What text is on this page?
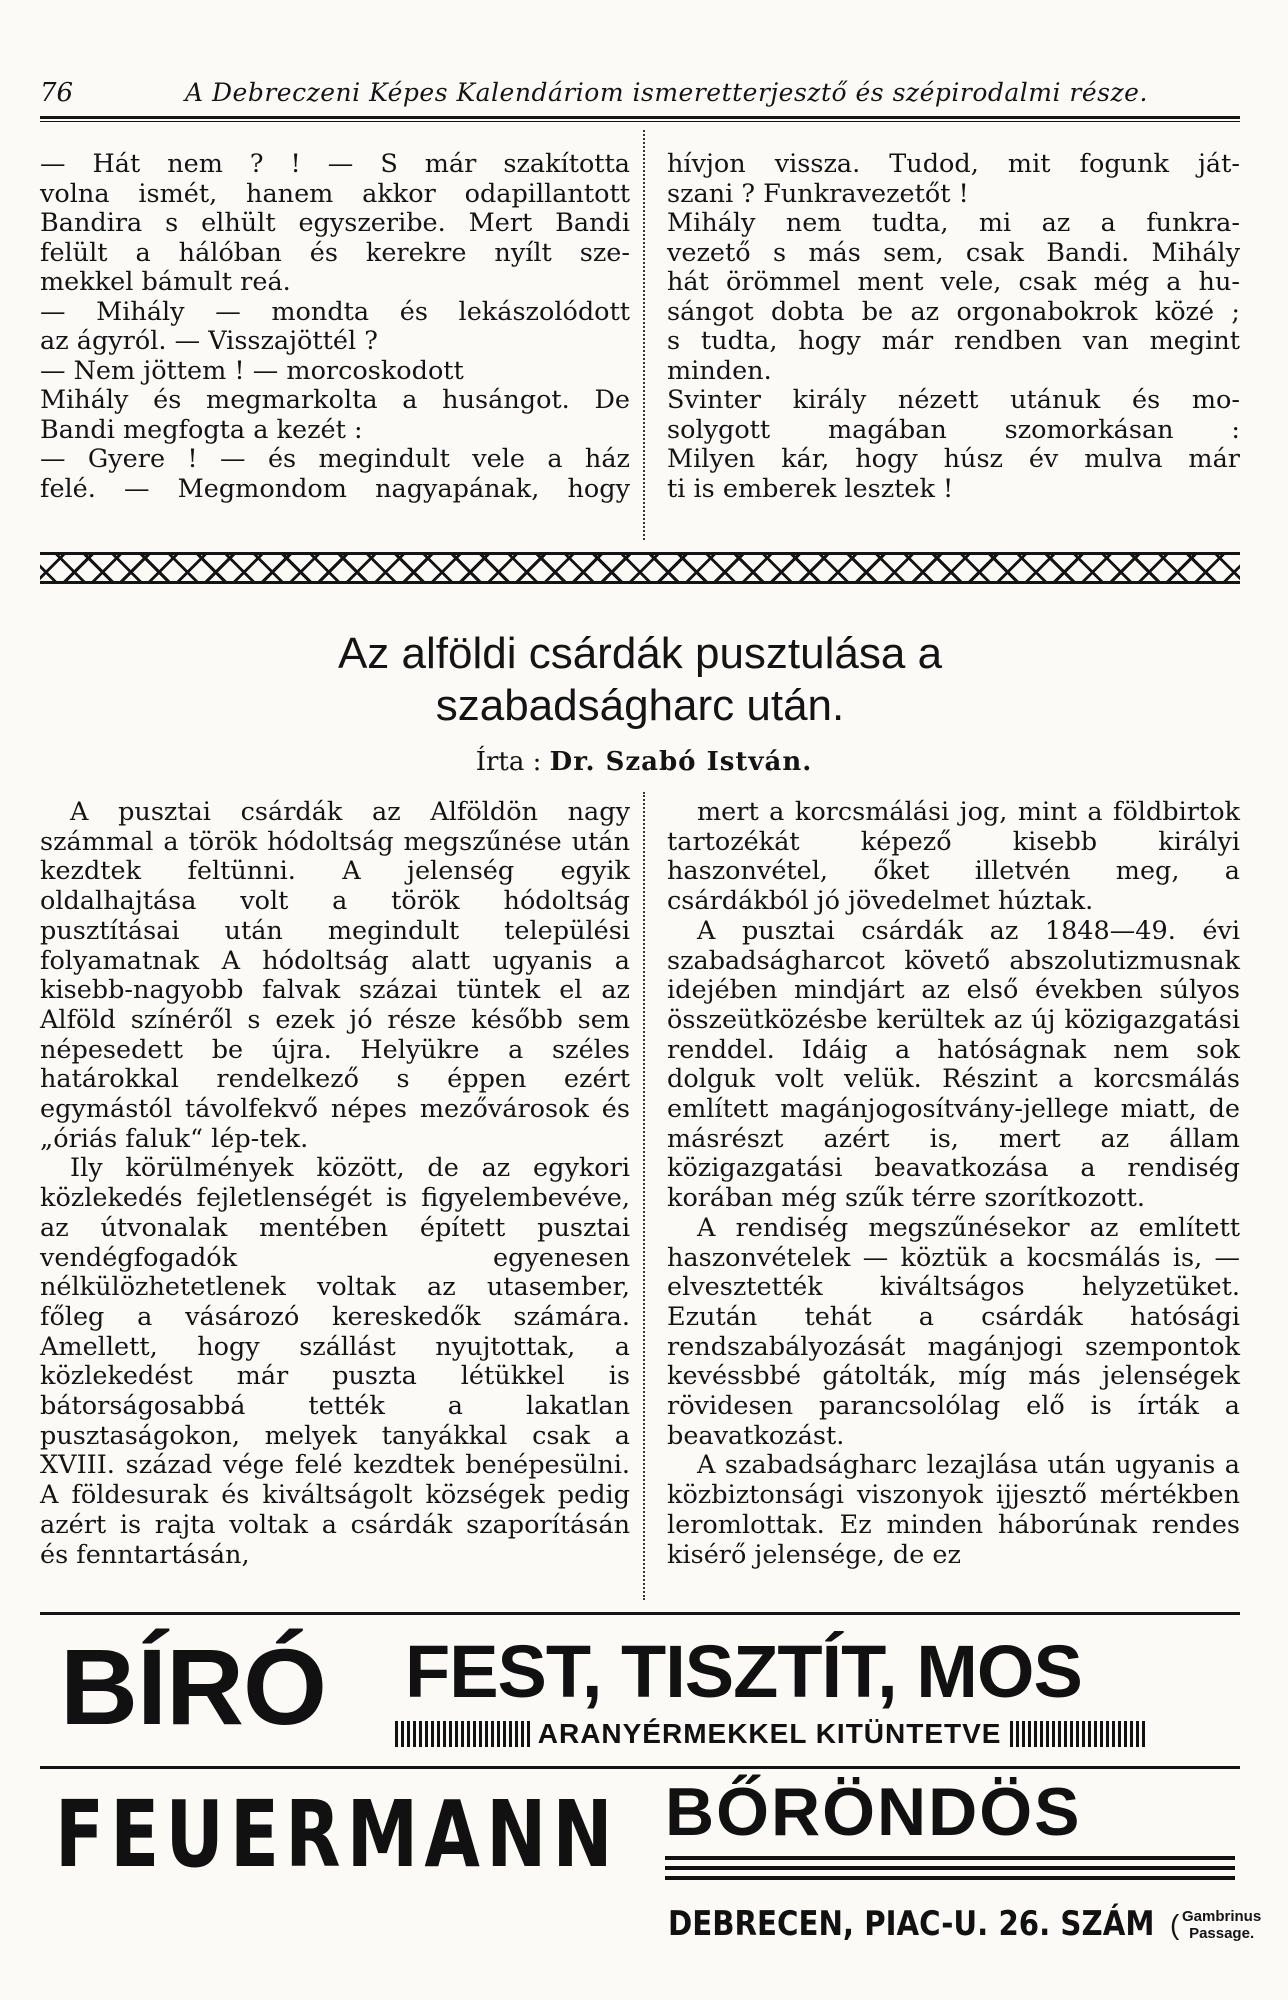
76	A Debreczeni Képes Kalendáriom ismeretterjesztő és szépirodalmi része.

— Hát nem ? ! — S már szakította

volna ismét, hanem akkor odapillantott

Bandira s elhült egyszeribe. Mert Bandi

felült a hálóban és kerekre nyílt sze-

mekkel bámult reá.

— Mihály — mondta és lekászolódott

az ágyról. — Visszajöttél ?

— Nem jöttem ! — morcoskodott

Mihály és megmarkolta a husángot. De

Bandi megfogta a kezét :

— Gyere ! — és megindult vele a ház

felé. — Megmondom nagyapának, hogy

hívjon vissza. Tudod, mit fogunk ját-

szani ? Funkravezetőt !

Mihály nem tudta, mi az a funkra-

vezető s más sem, csak Bandi. Mihály

hát örömmel ment vele, csak még a hu-

sángot dobta be az orgonabokrok közé ;

s tudta, hogy már rendben van megint

minden.

Svinter király nézett utánuk és mo-

solygott magában szomorkásan :

Milyen kár, hogy húsz év mulva már

ti is emberek lesztek !

Az alföldi csárdák pusztulása a
szabadságharc után.
Írta : Dr. Szabó István.

A pusztai csárdák az Alföldön nagy számmal a török hódoltság megszűnése után kezdtek feltünni. A jelenség egyik oldalhajtása volt a török hódoltság pusztításai után megindult települési folyamatnak A hódoltság alatt ugyanis a kisebb-nagyobb falvak százai tüntek el az Alföld színéről s ezek jó része később sem népesedett be újra. Helyükre a széles határokkal rendelkező s éppen ezért egymástól távolfekvő népes mezővárosok és „óriás faluk“ lép-tek.

Ily körülmények között, de az egykori közlekedés fejletlenségét is figyelembevéve, az útvonalak mentében épített pusztai vendégfogadók egyenesen nélkülözhetetlenek voltak az utasember, főleg a vásározó kereskedők számára. Amellett, hogy szállást nyujtottak, a közlekedést már puszta létükkel is bátorságosabbá tették a lakatlan pusztaságokon, melyek tanyákkal csak a XVIII. század vége felé kezdtek benépesülni. A földesurak és kiváltságolt községek pedig azért is rajta voltak a csárdák szaporításán és fenntartásán,

mert a korcsmálási jog, mint a földbirtok tartozékát képező kisebb királyi haszonvétel, őket illetvén meg, a csárdákból jó jövedelmet húztak.

A pusztai csárdák az 1848—49. évi szabadságharcot követő abszolutizmusnak idejében mindjárt az első években súlyos összeütközésbe kerültek az új közigazgatási renddel. Idáig a hatóságnak nem sok dolguk volt velük. Részint a korcsmálás említett magánjogosítvány-jellege miatt, de másrészt azért is, mert az állam közigazgatási beavatkozása a rendiség korában még szűk térre szorítkozott.

A rendiség megszűnésekor az említett haszonvételek — köztük a kocsmálás is, — elvesztették kiváltságos helyzetüket. Ezután tehát a csárdák hatósági rendszabályozását magánjogi szempontok kevéssbbé gátolták, míg más jelenségek rövidesen parancsolólag elő is írták a beavatkozást.

A szabadságharc lezajlása után ugyanis a közbiztonsági viszonyok ijjesztő mértékben leromlottak. Ez minden háborúnak rendes kisérő jelensége, de ez

BÍRÓ FEST, TISZTÍT, MOS
ARANYÉRMEKKEL KITÜNTETVE
FEUERMANN BŐRÖNDÖS
DEBRECEN, PIAC-U. 26. SZÁM ( Gambrinus
Passage.
